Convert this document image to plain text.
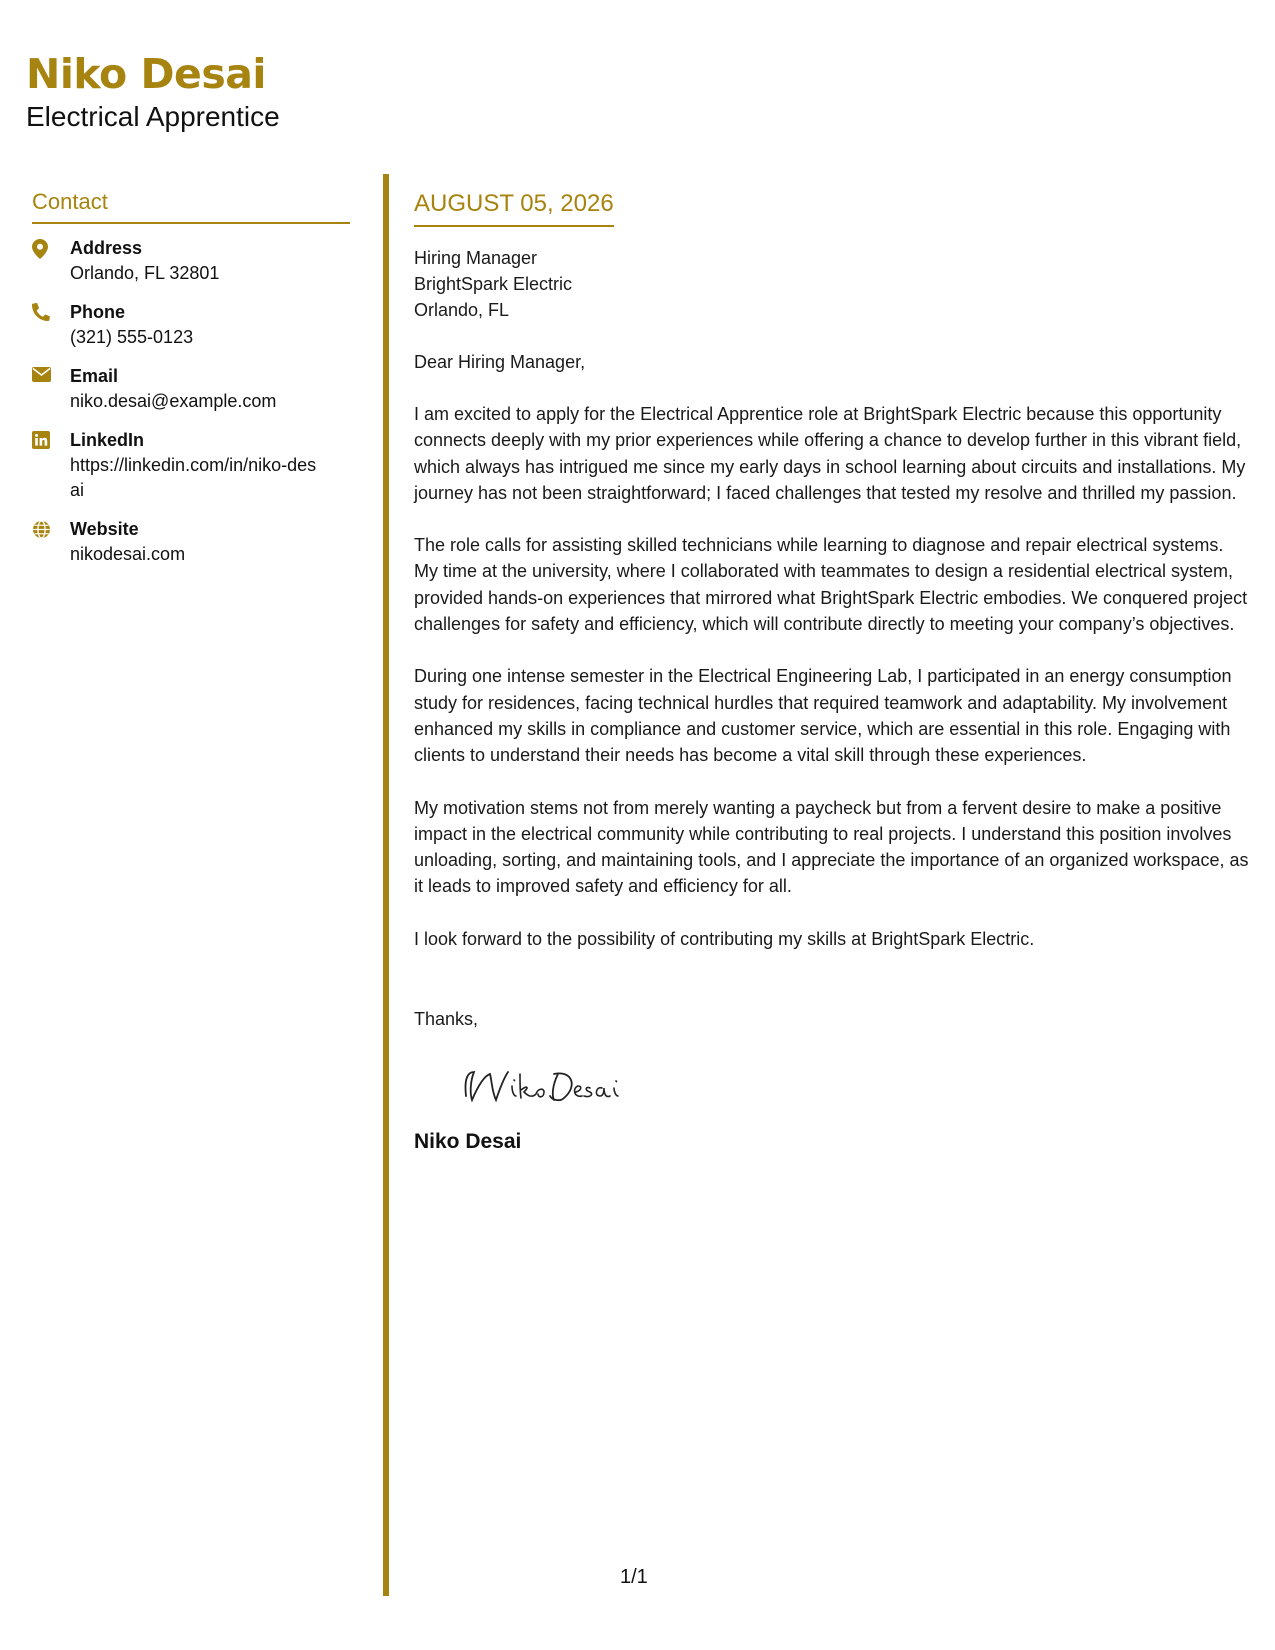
Niko Desai
Electrical Apprentice
Contact
Address
Orlando, FL 32801
Phone
(321) 555-0123
Email
niko.desai@example.com
LinkedIn
https://linkedin.com/in/niko-desai
Website
nikodesai.com
AUGUST 05, 2026
Hiring Manager
BrightSpark Electric
Orlando, FL
Dear Hiring Manager,
I am excited to apply for the Electrical Apprentice role at BrightSpark Electric because this opportunity connects deeply with my prior experiences while offering a chance to develop further in this vibrant field, which always has intrigued me since my early days in school learning about circuits and installations. My journey has not been straightforward; I faced challenges that tested my resolve and thrilled my passion.
The role calls for assisting skilled technicians while learning to diagnose and repair electrical systems. My time at the university, where I collaborated with teammates to design a residential electrical system, provided hands-on experiences that mirrored what BrightSpark Electric embodies. We conquered project challenges for safety and efficiency, which will contribute directly to meeting your company’s objectives.
During one intense semester in the Electrical Engineering Lab, I participated in an energy consumption study for residences, facing technical hurdles that required teamwork and adaptability. My involvement enhanced my skills in compliance and customer service, which are essential in this role. Engaging with clients to understand their needs has become a vital skill through these experiences.
My motivation stems not from merely wanting a paycheck but from a fervent desire to make a positive impact in the electrical community while contributing to real projects. I understand this position involves unloading, sorting, and maintaining tools, and I appreciate the importance of an organized workspace, as it leads to improved safety and efficiency for all.
I look forward to the possibility of contributing my skills at BrightSpark Electric.
Thanks,
Niko Desai
1/1
